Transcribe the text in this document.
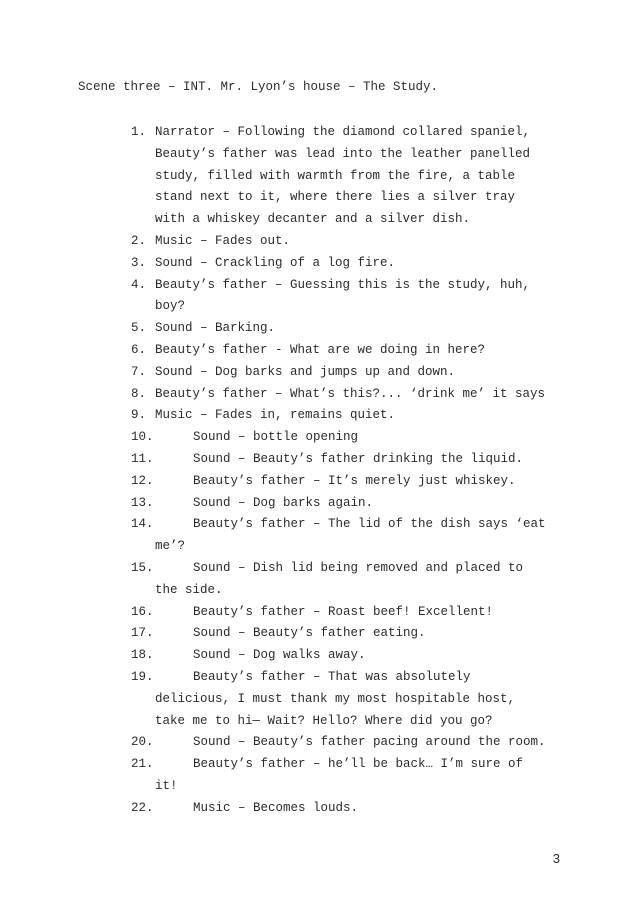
Scene three – INT. Mr. Lyon’s house – The Study.
1. Narrator – Following the diamond collared spaniel,
Beauty’s father was lead into the leather panelled
study, filled with warmth from the fire, a table
stand next to it, where there lies a silver tray
with a whiskey decanter and a silver dish.
2. Music – Fades out.
3. Sound – Crackling of a log fire.
4. Beauty’s father – Guessing this is the study, huh,
boy?
5. Sound – Barking.
6. Beauty’s father - What are we doing in here?
7. Sound – Dog barks and jumps up and down.
8. Beauty’s father – What’s this?... ‘drink me’ it says
9. Music – Fades in, remains quiet.
10.	Sound – bottle opening
11.	Sound – Beauty’s father drinking the liquid.
12.	Beauty’s father – It’s merely just whiskey.
13.	Sound – Dog barks again.
14.	Beauty’s father – The lid of the dish says ‘eat
me’?
15.	Sound – Dish lid being removed and placed to
the side.
16.	Beauty’s father – Roast beef! Excellent!
17.	Sound – Beauty’s father eating.
18.	Sound – Dog walks away.
19.	Beauty’s father – That was absolutely
delicious, I must thank my most hospitable host,
take me to hi— Wait? Hello? Where did you go?
20.	Sound – Beauty’s father pacing around the room.
21.	Beauty’s father – he’ll be back… I’m sure of
it!
22.	Music – Becomes louds.
3
